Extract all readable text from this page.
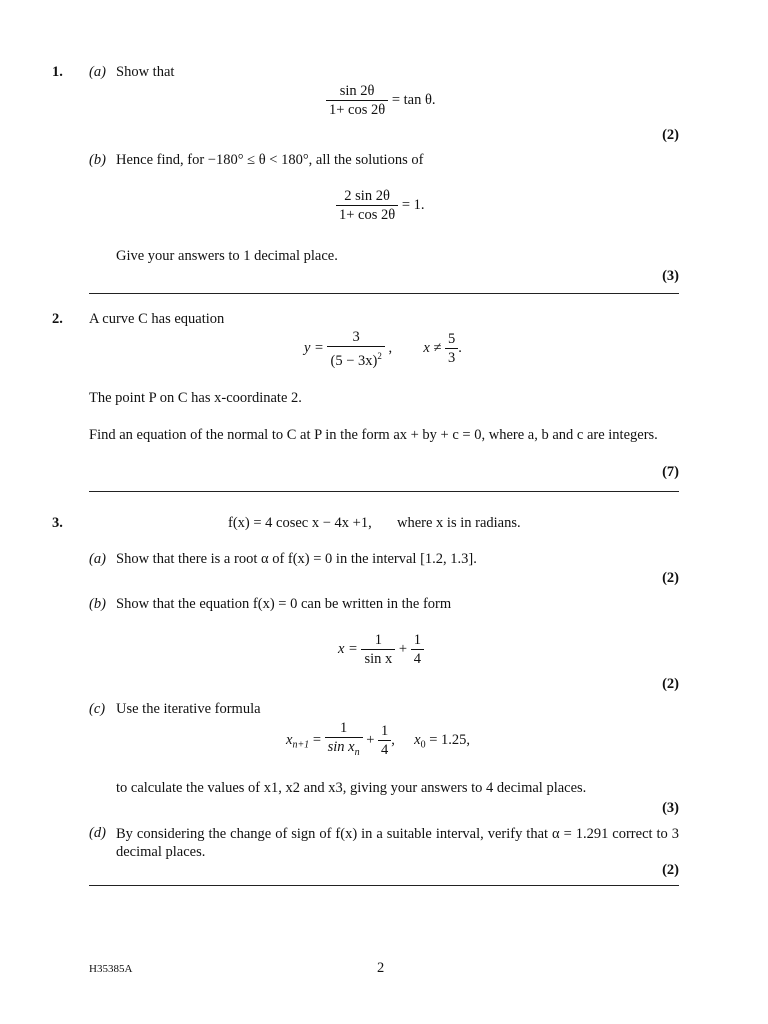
1. (a) Show that
$\frac{\sin 2\theta}{1+ \cos 2\theta} = \tan \theta$.
(2)
(b) Hence find, for −180° ≤ θ < 180°, all the solutions of
$\frac{2 \sin 2\theta}{1+ \cos 2\theta} = 1$.
Give your answers to 1 decimal place.
(3)
2. A curve C has equation
$y = \frac{3}{(5 - 3x)^2}$ , $x \ne \frac{5}{3}$ .
The point P on C has x-coordinate 2.
Find an equation of the normal to C at P in the form ax + by + c = 0, where a, b and c are integers.
(7)
3.	f(x) = 4 cosec x − 4x +1, where x is in radians.
(a) Show that there is a root α of f(x) = 0 in the interval [1.2, 1.3].
(2)
(b) Show that the equation f(x) = 0 can be written in the form
$x = \frac{1}{\text{sin x}} + \frac{1}{4}$
(2)
(c) Use the iterative formula
$x_{n+1} = \frac{1}{\sin x_n} + \frac{1}{4}$ , $x_0 = 1.25$,
to calculate the values of x1, x2 and x3, giving your answers to 4 decimal places.
(3)
(d) By considering the change of sign of f(x) in a suitable interval, verify that α = 1.291 correct to 3 decimal places.
(2)
H35385A	2
